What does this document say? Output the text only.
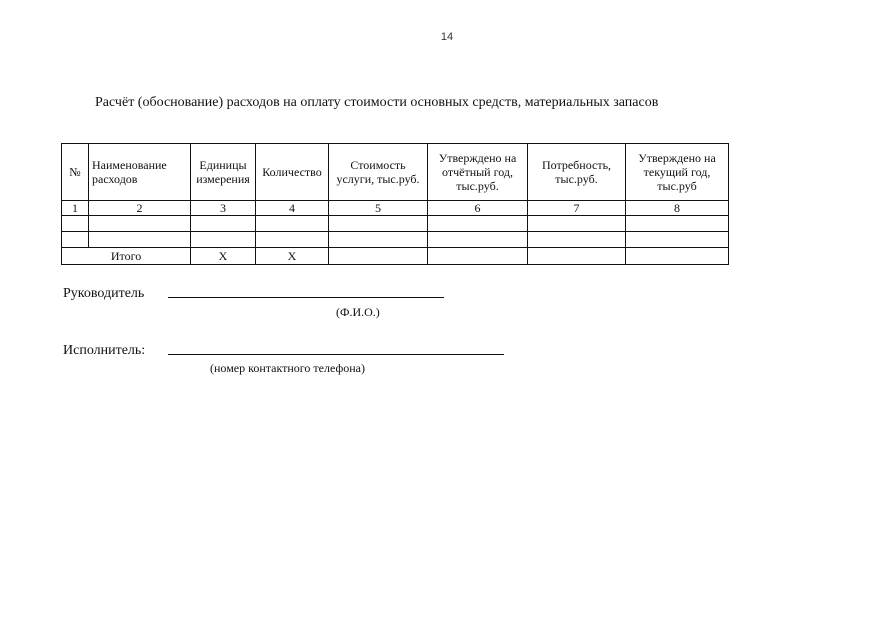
14
Расчёт (обоснование) расходов на оплату стоимости основных средств, материальных запасов
№	Наименование расходов	Единицы измерения	Количество	Стоимость услуги, тыс.руб.	Утверждено на отчётный год, тыс.руб.	Потребность, тыс.руб.	Утверждено на текущий год, тыс.руб
1	2	3	4	5	6	7	8

Итого		X	X				
Руководитель
(Ф.И.О.)
Исполнитель:
(номер контактного телефона)
